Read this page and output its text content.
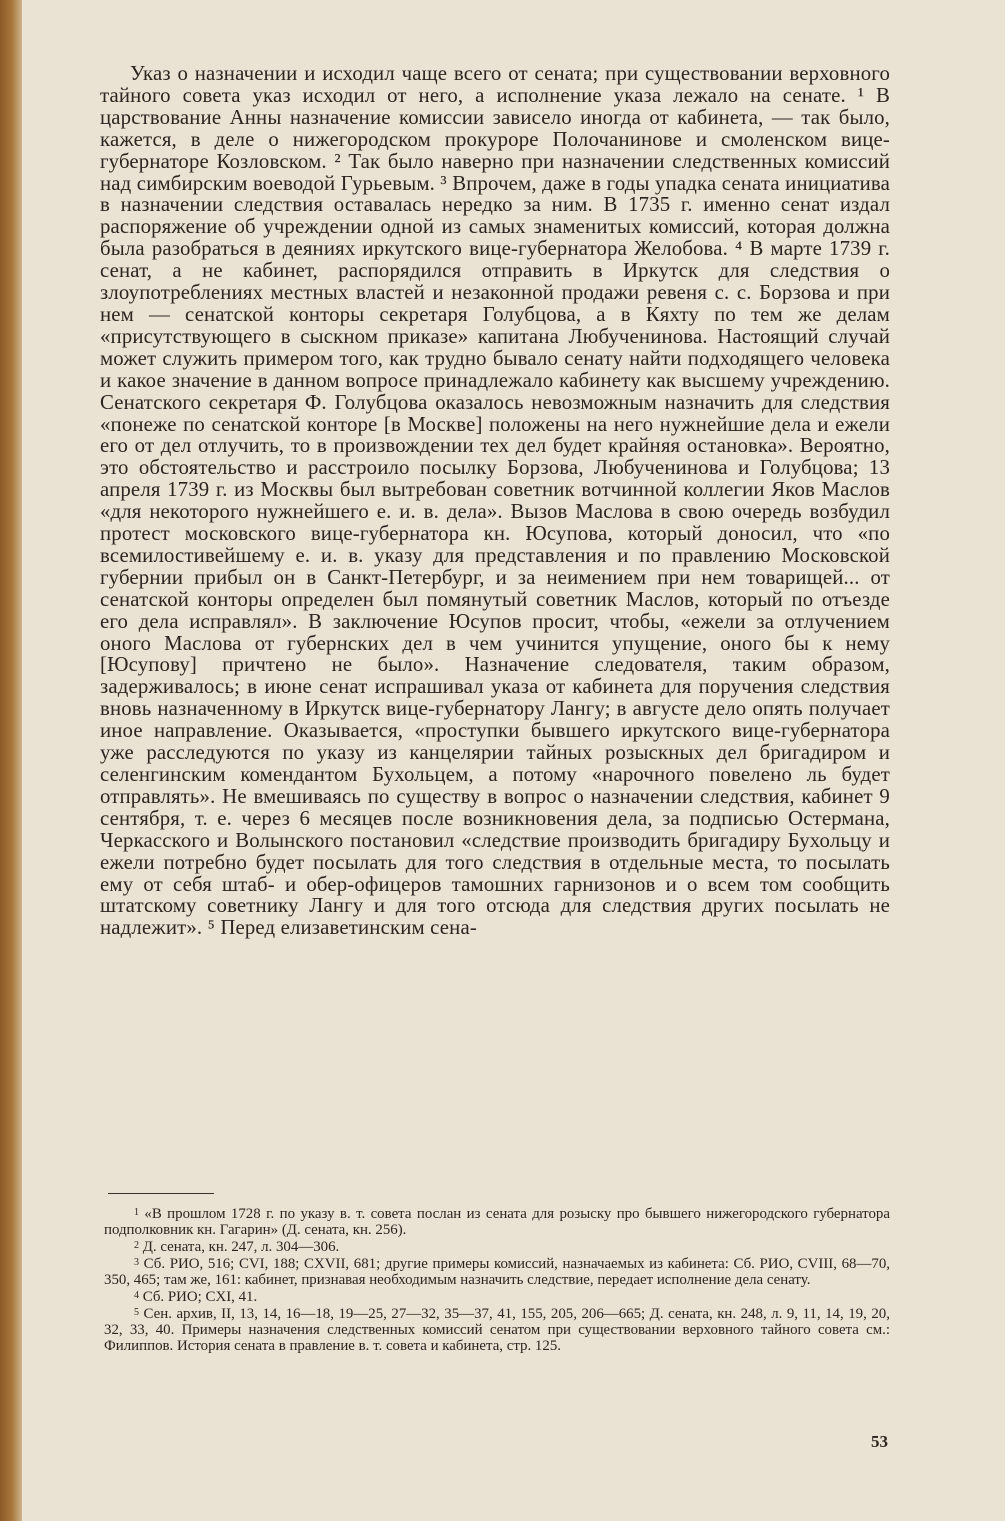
Указ о назначении и исходил чаще всего от сената; при существовании верховного тайного совета указ исходил от него, а исполнение указа лежало на сенате. ¹ В царствование Анны назначение комиссии зависело иногда от кабинета, — так было, кажется, в деле о нижегородском прокуроре Полочанинове и смоленском вице-губернаторе Козловском. ² Так было наверно при назначении следственных комиссий над симбирским воеводой Гурьевым. ³ Впрочем, даже в годы упадка сената инициатива в назначении следствия оставалась нередко за ним. В 1735 г. именно сенат издал распоряжение об учреждении одной из самых знаменитых комиссий, которая должна была разобраться в деяниях иркутского вице-губернатора Желобова. ⁴ В марте 1739 г. сенат, а не кабинет, распорядился отправить в Иркутск для следствия о злоупотреблениях местных властей и незаконной продажи ревеня с. с. Борзова и при нем — сенатской конторы секретаря Голубцова, а в Кяхту по тем же делам «присутствующего в сыскном приказе» капитана Любученинова. Настоящий случай может служить примером того, как трудно бывало сенату найти подходящего человека и какое значение в данном вопросе принадлежало кабинету как высшему учреждению. Сенатского секретаря Ф. Голубцова оказалось невозможным назначить для следствия «понеже по сенатской конторе [в Москве] положены на него нужнейшие дела и ежели его от дел отлучить, то в произвождении тех дел будет крайняя остановка». Вероятно, это обстоятельство и расстроило посылку Борзова, Любученинова и Голубцова; 13 апреля 1739 г. из Москвы был вытребован советник вотчинной коллегии Яков Маслов «для некоторого нужнейшего е. и. в. дела». Вызов Маслова в свою очередь возбудил протест московского вице-губернатора кн. Юсупова, который доносил, что «по всемилостивейшему е. и. в. указу для представления и по правлению Московской губернии прибыл он в Санкт-Петербург, и за неимением при нем товарищей... от сенатской конторы определен был помянутый советник Маслов, который по отъезде его дела исправлял». В заключение Юсупов просит, чтобы, «ежели за отлучением оного Маслова от губернских дел в чем учинится упущение, оного бы к нему [Юсупову] причтено не было». Назначение следователя, таким образом, задерживалось; в июне сенат испрашивал указа от кабинета для поручения следствия вновь назначенному в Иркутск вице-губернатору Лангу; в августе дело опять получает иное направление. Оказывается, «проступки бывшего иркутского вице-губернатора уже расследуются по указу из канцелярии тайных розыскных дел бригадиром и селенгинским комендантом Бухольцем, а потому «нарочного повелено ль будет отправлять». Не вмешиваясь по существу в вопрос о назначении следствия, кабинет 9 сентября, т. е. через 6 месяцев после возникновения дела, за подписью Остермана, Черкасского и Волынского постановил «следствие производить бригадиру Бухольцу и ежели потребно будет посылать для того следствия в отдельные места, то посылать ему от себя штаб- и обер-офицеров тамошних гарнизонов и о всем том сообщить штатскому советнику Лангу и для того отсюда для следствия других посылать не надлежит». ⁵ Перед елизаветинским сена-

$^1$ «В прошлом 1728 г. по указу в. т. совета послан из сената для розыску про бывшего нижегородского губернатора подполковник кн. Гагарин» (Д. сената, кн. 256).

$^2$ Д. сената, кн. 247, л. 304—306.

$^3$ Сб. РИО, 516; CVI, 188; CXVII, 681; другие примеры комиссий, назначаемых из кабинета: Сб. РИО, CVIII, 68—70, 350, 465; там же, 161: кабинет, признавая необходимым назначить следствие, передает исполнение дела сенату.

$^4$ Сб. РИО; CXI, 41.

$^5$ Сен. архив, II, 13, 14, 16—18, 19—25, 27—32, 35—37, 41, 155, 205, 206—665; Д. сената, кн. 248, л. 9, 11, 14, 19, 20, 32, 33, 40. Примеры назначения следственных комиссий сенатом при существовании верховного тайного совета см.: Филиппов. История сената в правление в. т. совета и кабинета, стр. 125.

53
